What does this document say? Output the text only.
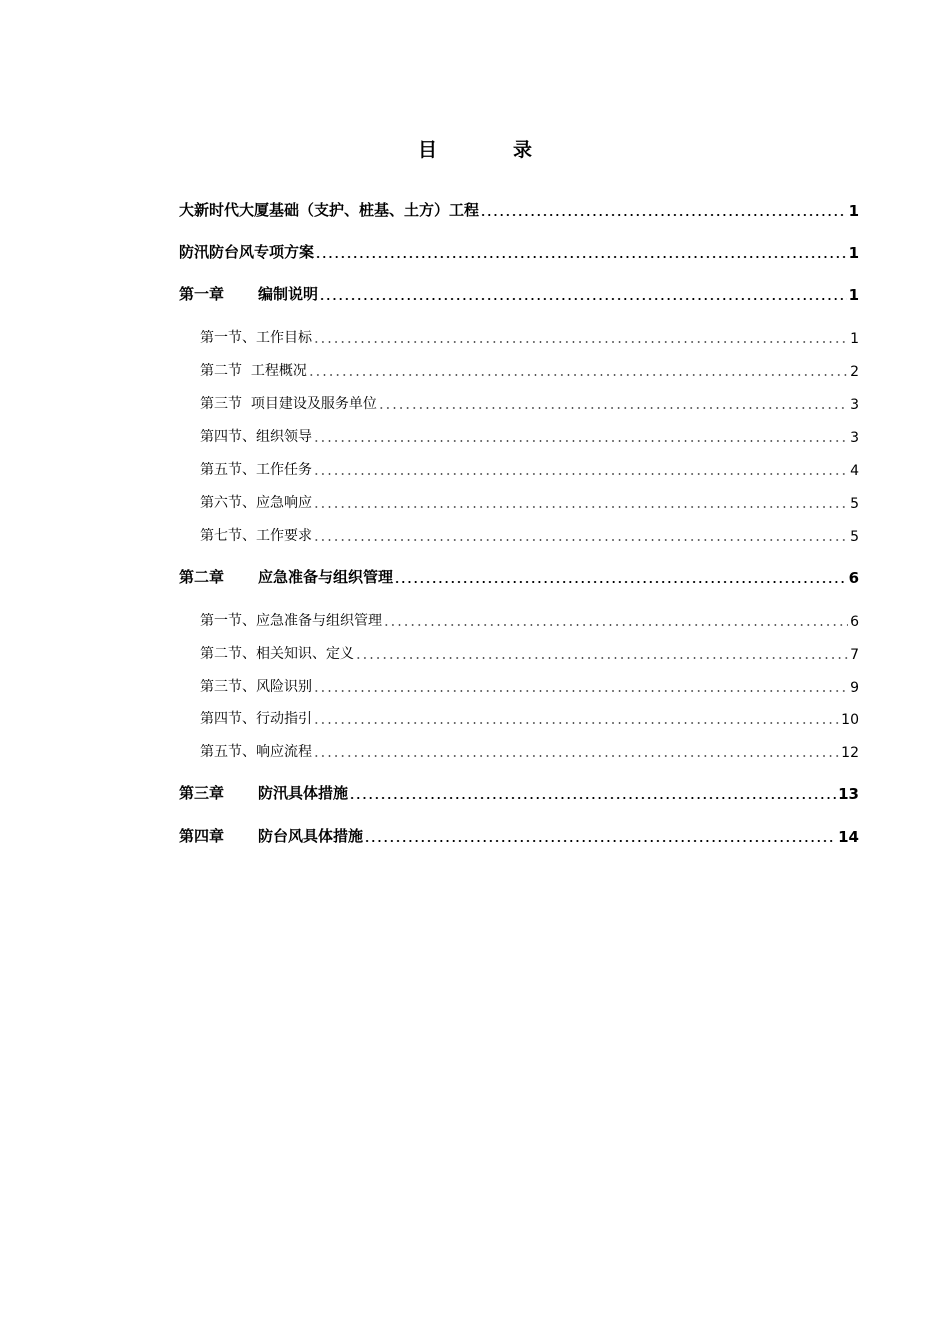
目	录
大新时代大厦基础（支护、桩基、土方）工程	1
防汛防台风专项方案	1
第一章	编制说明	1
第一节、工作目标	1
第二节  工程概况	2
第三节  项目建设及服务单位	3
第四节、组织领导	3
第五节、工作任务	4
第六节、应急响应	5
第七节、工作要求	5
第二章	应急准备与组织管理	6
第一节、应急准备与组织管理	6
第二节、相关知识、定义	7
第三节、风险识别	9
第四节、行动指引	10
第五节、响应流程	12
第三章	防汛具体措施	13
第四章	防台风具体措施	14
